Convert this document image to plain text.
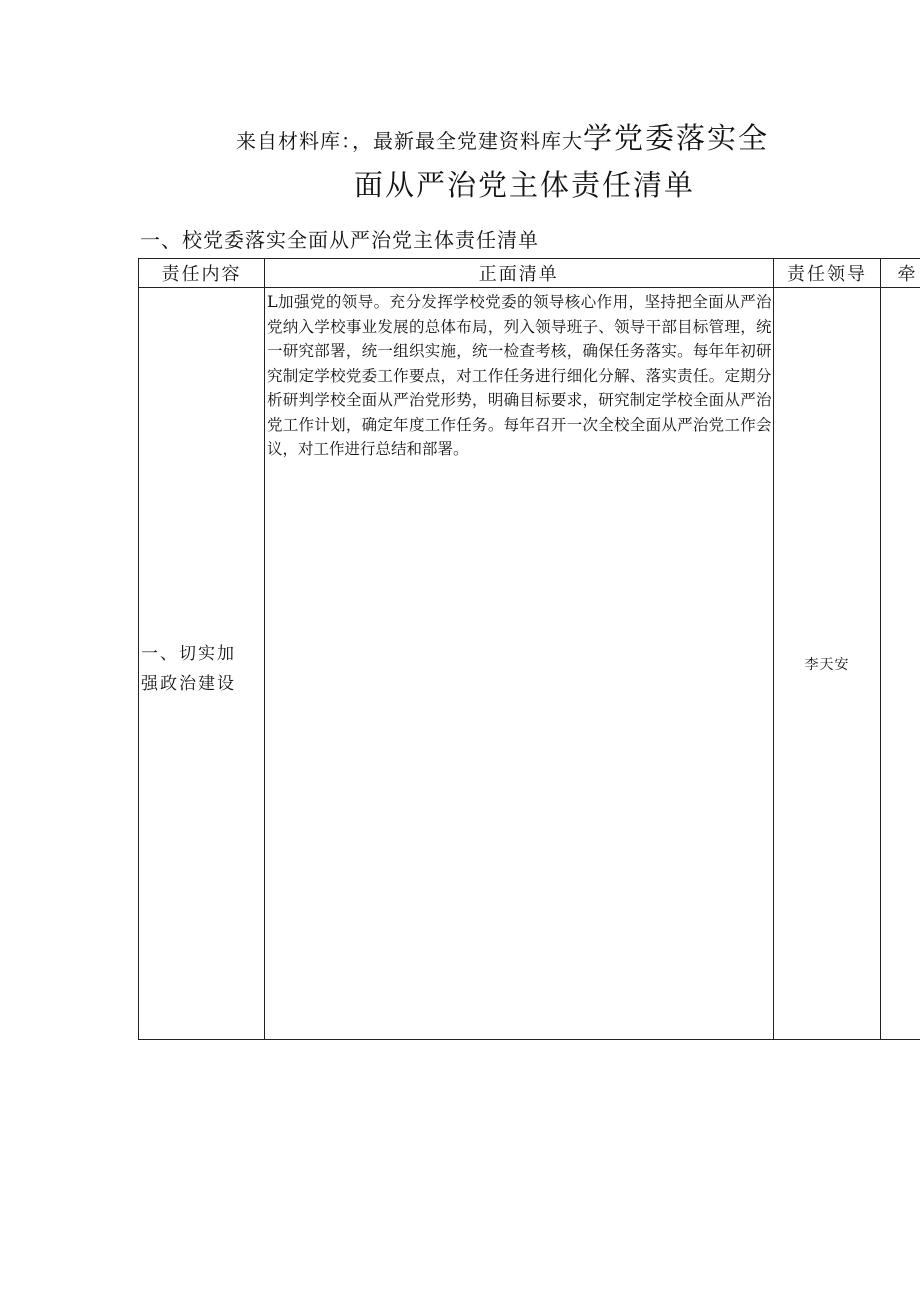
来自材料库：，最新最全党建资料库大学党委落实全
面从严治党主体责任清单
一、校党委落实全面从严治党主体责任清单
责任内容	正面清单	责任领导	牵

一、切实加强政治建设	L加强党的领导。充分发挥学校党委的领导核心作用，坚持把全面从严治党纳入学校事业发展的总体布局，列入领导班子、领导干部目标管理，统一研究部署，统一组织实施，统一检查考核，确保任务落实。每年年初研究制定学校党委工作要点，对工作任务进行细化分解、落实责任。定期分析研判学校全面从严治党形势，明确目标要求，研究制定学校全面从严治党工作计划，确定年度工作任务。每年召开一次全校全面从严治党工作会议，对工作进行总结和部署。	李天安	
